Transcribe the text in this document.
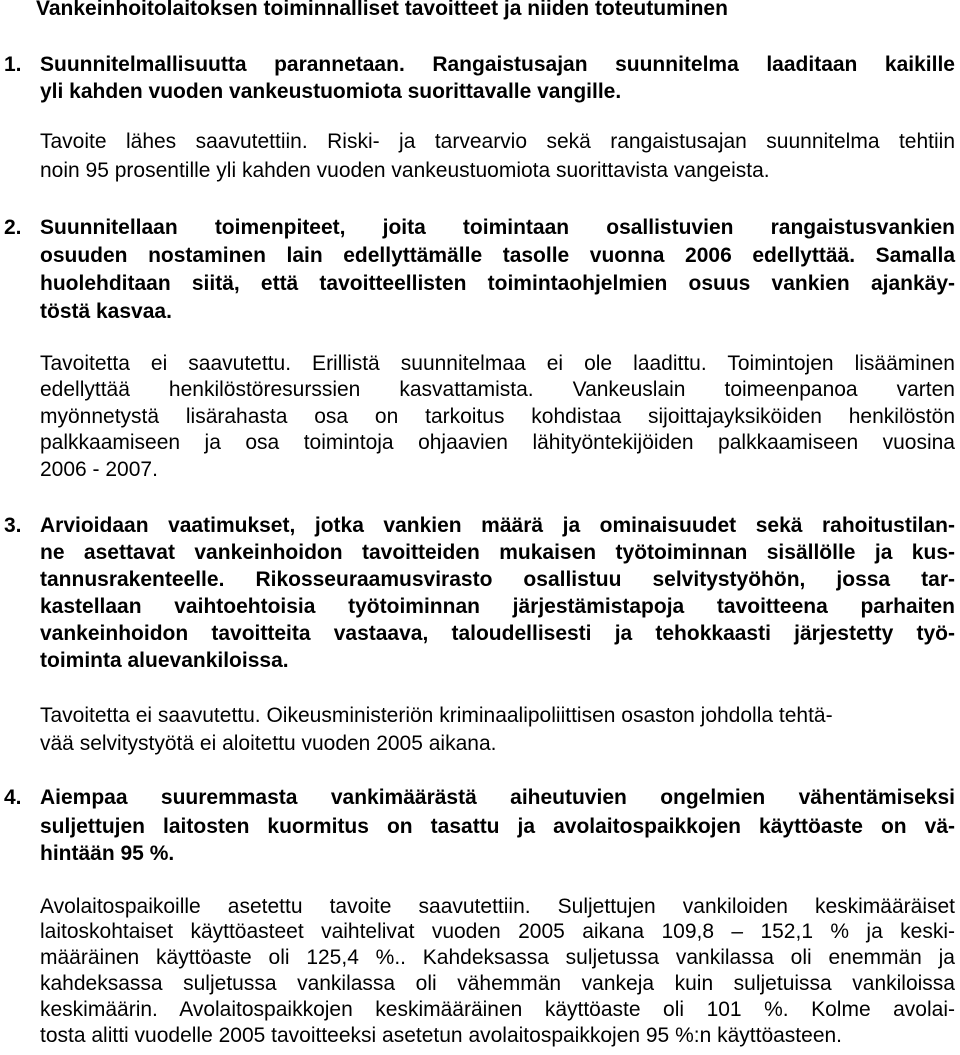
Vankeinhoitolaitoksen toiminnalliset tavoitteet ja niiden toteutuminen
1. Suunnitelmallisuutta parannetaan. Rangaistusajan suunnitelma laaditaan kaikille
yli kahden vuoden vankeustuomiota suorittavalle vangille.
Tavoite lähes saavutettiin. Riski- ja tarvearvio sekä rangaistusajan suunnitelma tehtiin
noin 95 prosentille yli kahden vuoden vankeustuomiota suorittavista vangeista.
2. Suunnitellaan toimenpiteet, joita toimintaan osallistuvien rangaistusvankien
osuuden nostaminen lain edellyttämälle tasolle vuonna 2006 edellyttää. Samalla
huolehditaan siitä, että tavoitteellisten toimintaohjelmien osuus vankien ajankäy-
töstä kasvaa.
Tavoitetta ei saavutettu. Erillistä suunnitelmaa ei ole laadittu. Toimintojen lisääminen
edellyttää henkilöstöresurssien kasvattamista. Vankeuslain toimeenpanoa varten
myönnetystä lisärahasta osa on tarkoitus kohdistaa sijoittajayksiköiden henkilöstön
palkkaamiseen ja osa toimintoja ohjaavien lähityöntekijöiden palkkaamiseen vuosina
2006 - 2007.
3. Arvioidaan vaatimukset, jotka vankien määrä ja ominaisuudet sekä rahoitustilan-
ne asettavat vankeinhoidon tavoitteiden mukaisen työtoiminnan sisällölle ja kus-
tannusrakenteelle. Rikosseuraamusvirasto osallistuu selvitystyöhön, jossa tar-
kastellaan vaihtoehtoisia työtoiminnan järjestämistapoja tavoitteena parhaiten
vankeinhoidon tavoitteita vastaava, taloudellisesti ja tehokkaasti järjestetty työ-
toiminta aluevankiloissa.
Tavoitetta ei saavutettu. Oikeusministeriön kriminaalipoliittisen osaston johdolla tehtä-
vää selvitystyötä ei aloitettu vuoden 2005 aikana.
4. Aiempaa suuremmasta vankimäärästä aiheutuvien ongelmien vähentämiseksi
suljettujen laitosten kuormitus on tasattu ja avolaitospaikkojen käyttöaste on vä-
hintään 95 %.
Avolaitospaikoille asetettu tavoite saavutettiin. Suljettujen vankiloiden keskimääräiset
laitoskohtaiset käyttöasteet vaihtelivat vuoden 2005 aikana 109,8 – 152,1 % ja keski-
määräinen käyttöaste oli 125,4 %.. Kahdeksassa suljetussa vankilassa oli enemmän ja
kahdeksassa suljetussa vankilassa oli vähemmän vankeja kuin suljetuissa vankiloissa
keskimäärin. Avolaitospaikkojen keskimääräinen käyttöaste oli 101 %. Kolme avolai-
tosta alitti vuodelle 2005 tavoitteeksi asetetun avolaitospaikkojen 95 %:n käyttöasteen.
